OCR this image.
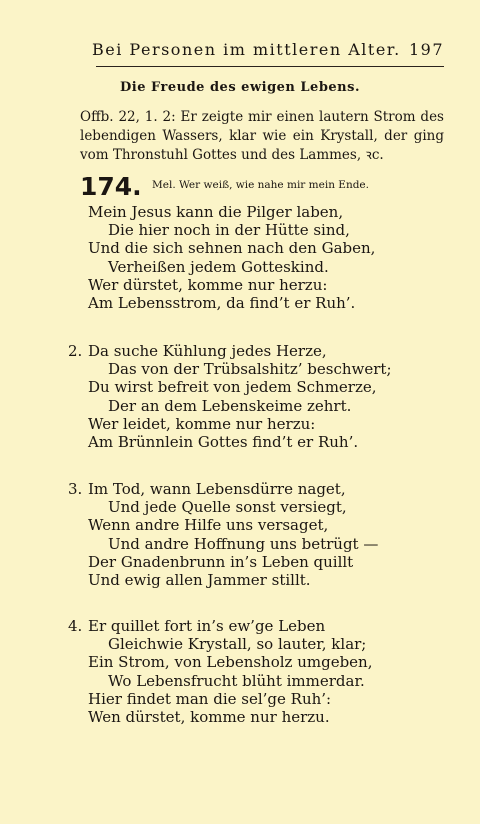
Bei Personen im mittleren Alter. 197
Die Freude des ewigen Lebens.
Offb. 22, 1. 2: Er zeigte mir einen lautern Strom des lebendigen Wassers, klar wie ein Krystall, der ging vom Thronstuhl Gottes und des Lammes, ꝛc.
174. Mel. Wer weiß, wie nahe mir mein Ende.
Mein Jesus kann die Pilger laben,
Die hier noch in der Hütte sind,
Und die sich sehnen nach den Gaben,
Verheißen jedem Gotteskind.
Wer dürstet, komme nur herzu:
Am Lebensstrom, da find’t er Ruh’.
2. Da suche Kühlung jedes Herze,
Das von der Trübsalshitz’ beschwert;
Du wirst befreit von jedem Schmerze,
Der an dem Lebenskeime zehrt.
Wer leidet, komme nur herzu:
Am Brünnlein Gottes find’t er Ruh’.
3. Im Tod, wann Lebensdürre naget,
Und jede Quelle sonst versiegt,
Wenn andre Hilfe uns versaget,
Und andre Hoffnung uns betrügt —
Der Gnadenbrunn in’s Leben quillt
Und ewig allen Jammer stillt.
4. Er quillet fort in’s ew’ge Leben
Gleichwie Krystall, so lauter, klar;
Ein Strom, von Lebensholz umgeben,
Wo Lebensfrucht blüht immerdar.
Hier findet man die sel’ge Ruh’:
Wen dürstet, komme nur herzu.
